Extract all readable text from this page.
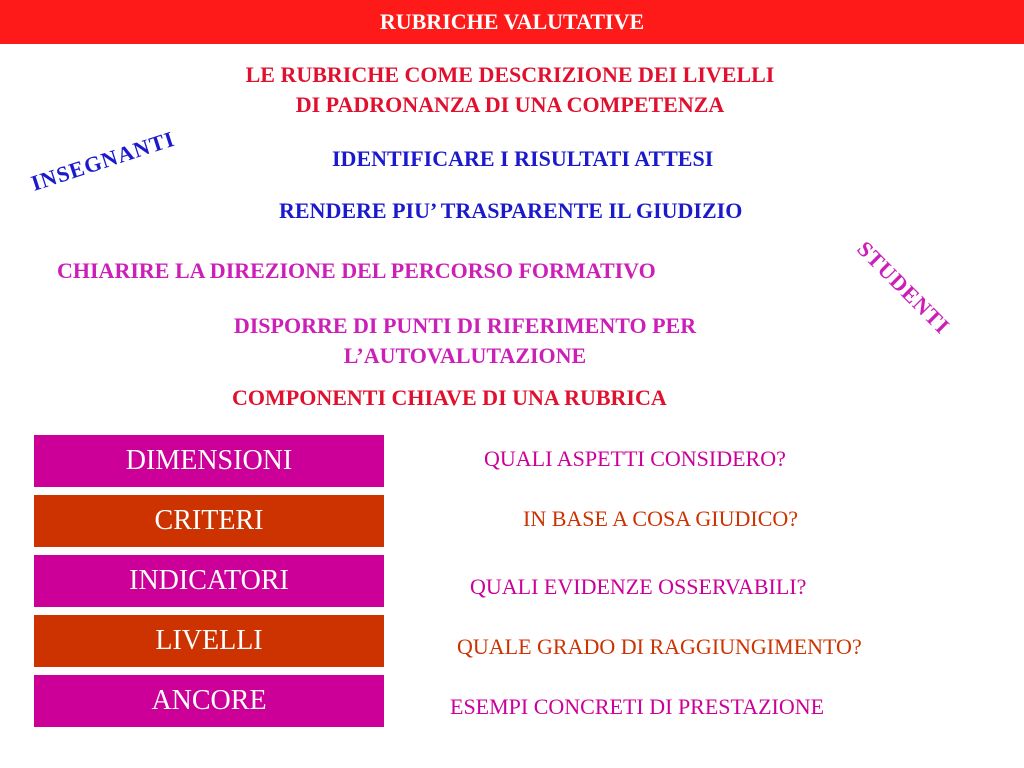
RUBRICHE VALUTATIVE
LE RUBRICHE COME DESCRIZIONE DEI LIVELLI
DI PADRONANZA DI UNA COMPETENZA
INSEGNANTI
STUDENTI
IDENTIFICARE I RISULTATI ATTESI
RENDERE PIU’ TRASPARENTE IL GIUDIZIO
CHIARIRE LA DIREZIONE DEL PERCORSO FORMATIVO
DISPORRE DI PUNTI DI RIFERIMENTO PER
L’AUTOVALUTAZIONE
COMPONENTI CHIAVE DI UNA RUBRICA
DIMENSIONI
CRITERI
INDICATORI
LIVELLI
ANCORE
QUALI ASPETTI CONSIDERO?
IN BASE A COSA GIUDICO?
QUALI EVIDENZE OSSERVABILI?
QUALE GRADO DI RAGGIUNGIMENTO?
ESEMPI CONCRETI DI PRESTAZIONE
